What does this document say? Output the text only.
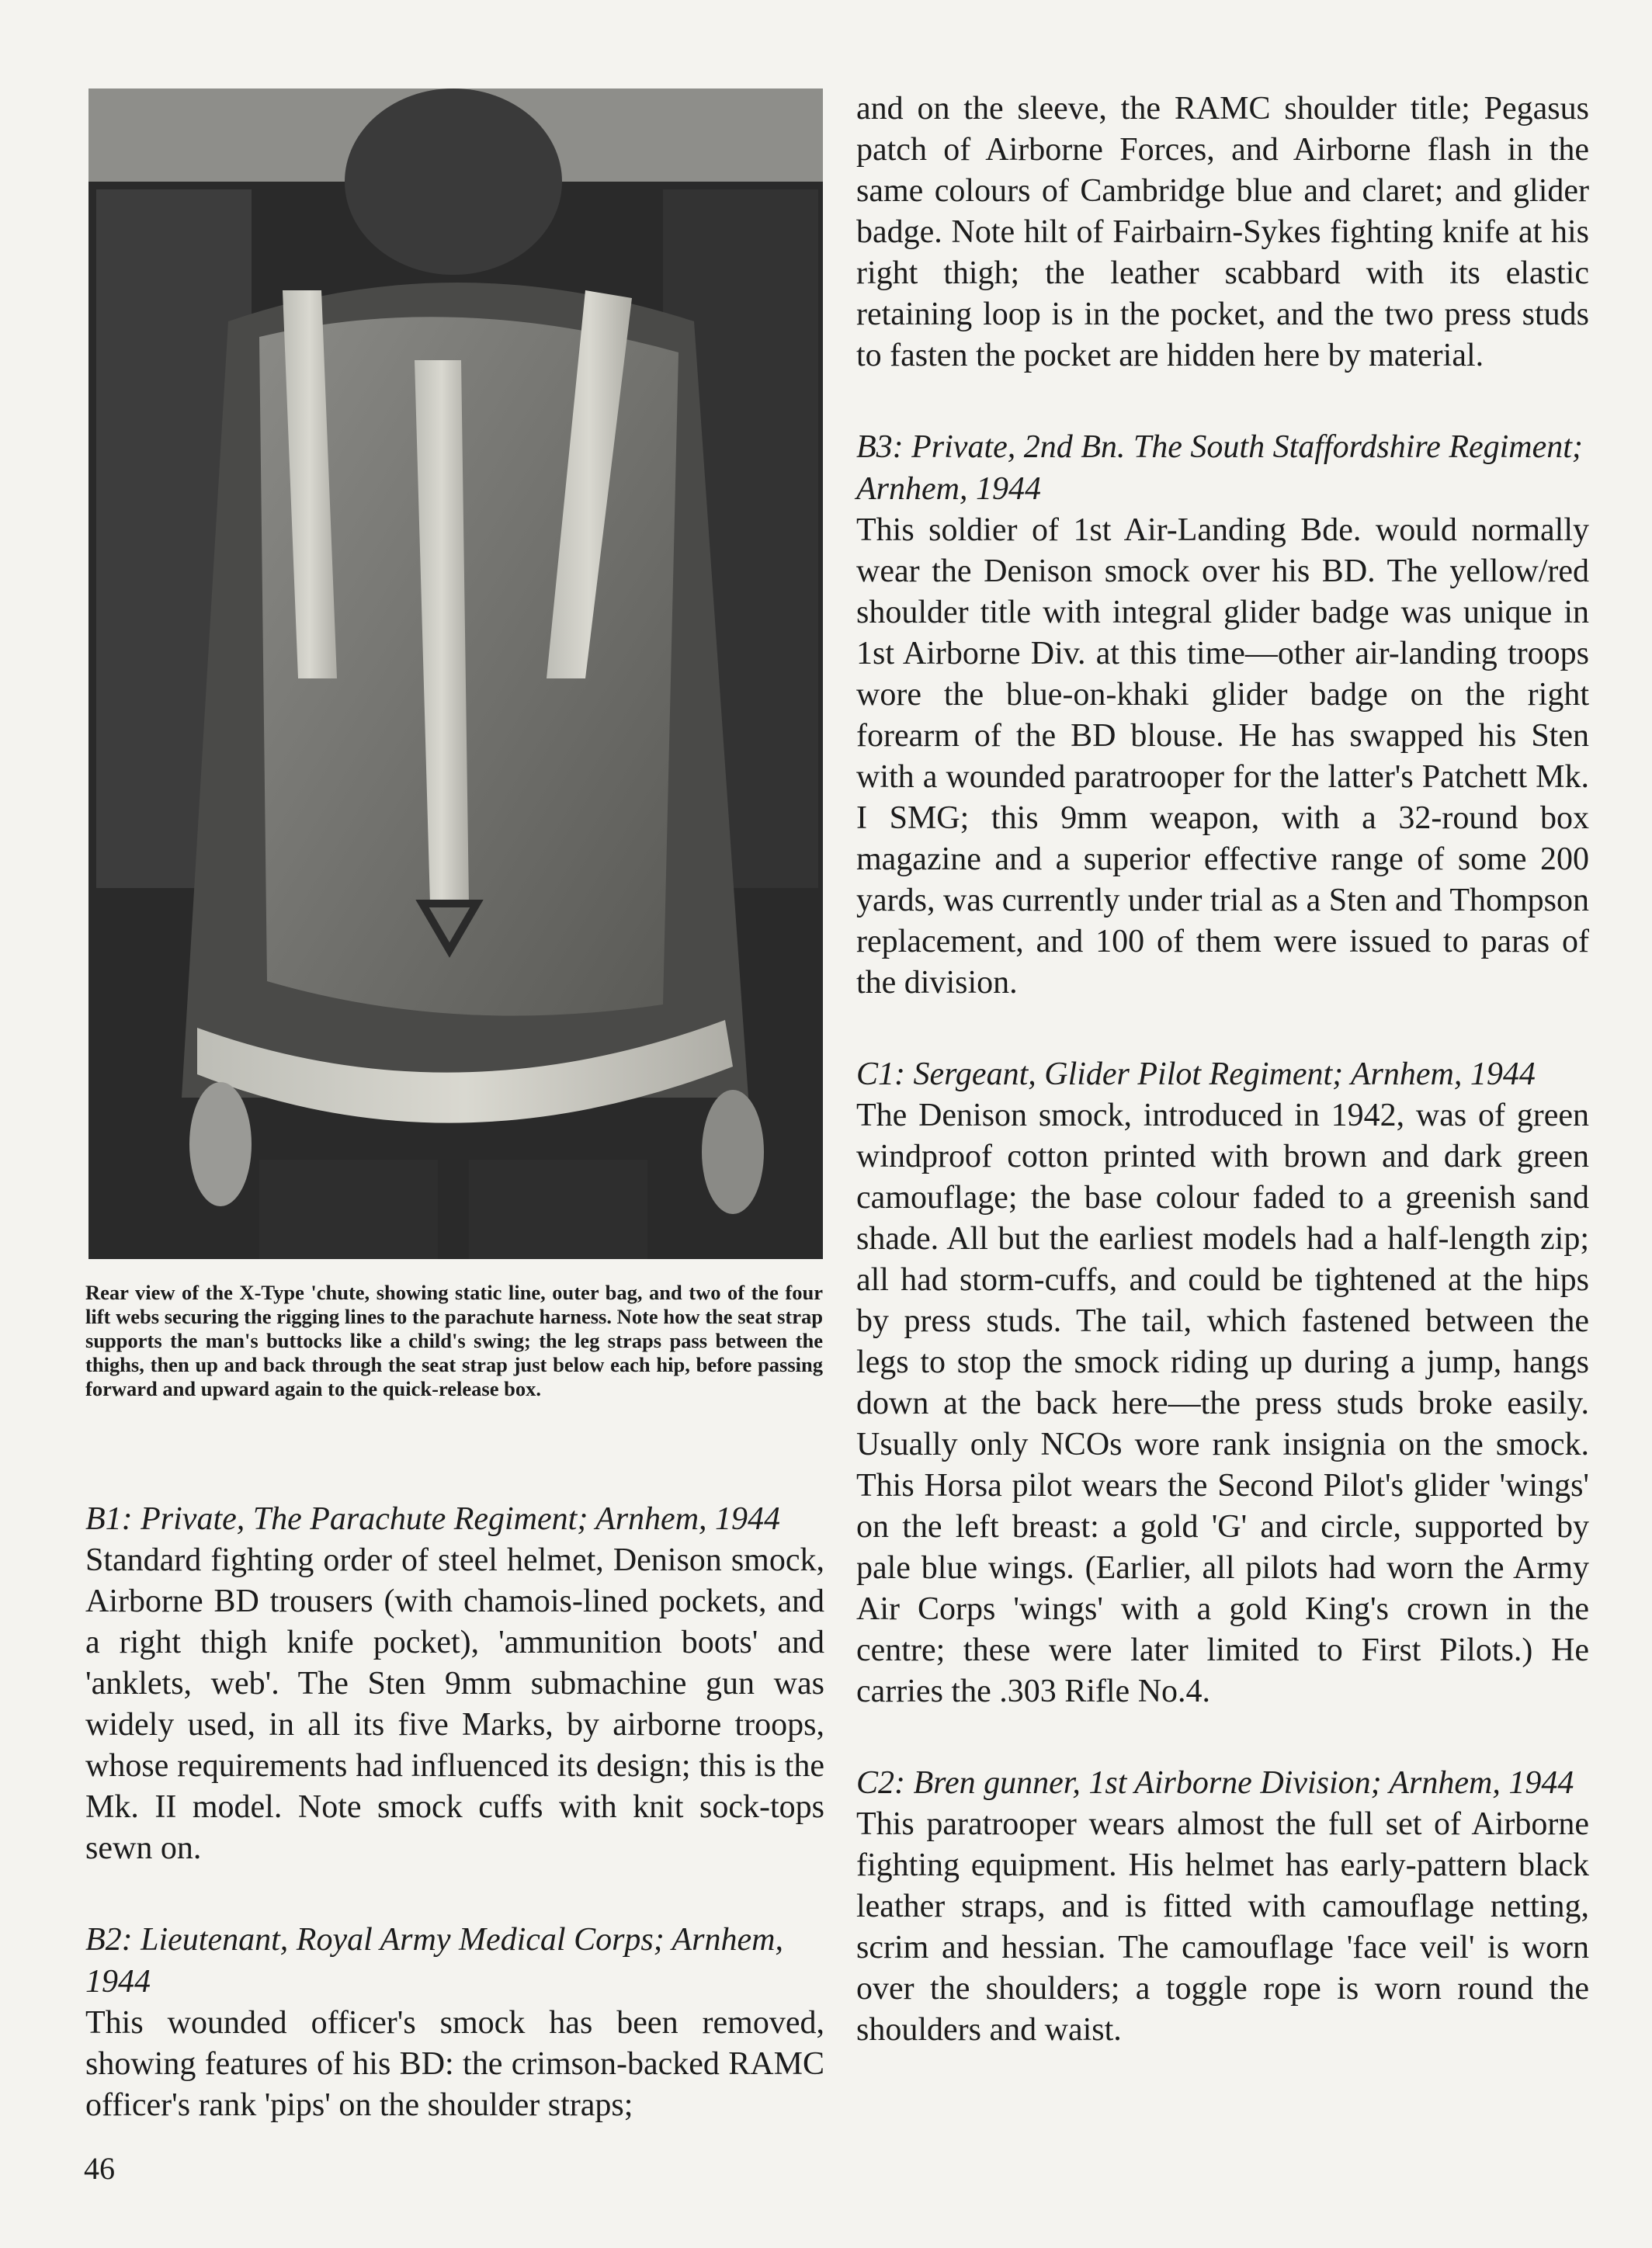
Rear view of the X-Type 'chute, showing static line, outer bag, and two of the four lift webs securing the rigging lines to the parachute harness. Note how the seat strap supports the man's buttocks like a child's swing; the leg straps pass between the thighs, then up and back through the seat strap just below each hip, before passing forward and upward again to the quick-release box.

B1: Private, The Parachute Regiment; Arnhem, 1944

Standard fighting order of steel helmet, Denison smock, Airborne BD trousers (with chamois-lined pockets, and a right thigh knife pocket), 'ammunition boots' and 'anklets, web'. The Sten 9mm submachine gun was widely used, in all its five Marks, by airborne troops, whose requirements had influenced its design; this is the Mk. II model. Note smock cuffs with knit sock-tops sewn on.

B2: Lieutenant, Royal Army Medical Corps; Arnhem, 1944

This wounded officer's smock has been removed, showing features of his BD: the crimson-backed RAMC officer's rank 'pips' on the shoulder straps;

and on the sleeve, the RAMC shoulder title; Pegasus patch of Airborne Forces, and Airborne flash in the same colours of Cambridge blue and claret; and glider badge. Note hilt of Fairbairn-Sykes fighting knife at his right thigh; the leather scabbard with its elastic retaining loop is in the pocket, and the two press studs to fasten the pocket are hidden here by material.

B3: Private, 2nd Bn. The South Staffordshire Regiment; Arnhem, 1944

This soldier of 1st Air-Landing Bde. would normally wear the Denison smock over his BD. The yellow/red shoulder title with integral glider badge was unique in 1st Airborne Div. at this time—other air-landing troops wore the blue-on-khaki glider badge on the right forearm of the BD blouse. He has swapped his Sten with a wounded paratrooper for the latter's Patchett Mk. I SMG; this 9mm weapon, with a 32-round box magazine and a superior effective range of some 200 yards, was currently under trial as a Sten and Thompson replacement, and 100 of them were issued to paras of the division.

C1: Sergeant, Glider Pilot Regiment; Arnhem, 1944

The Denison smock, introduced in 1942, was of green windproof cotton printed with brown and dark green camouflage; the base colour faded to a greenish sand shade. All but the earliest models had a half-length zip; all had storm-cuffs, and could be tightened at the hips by press studs. The tail, which fastened between the legs to stop the smock riding up during a jump, hangs down at the back here—the press studs broke easily. Usually only NCOs wore rank insignia on the smock. This Horsa pilot wears the Second Pilot's glider 'wings' on the left breast: a gold 'G' and circle, supported by pale blue wings. (Earlier, all pilots had worn the Army Air Corps 'wings' with a gold King's crown in the centre; these were later limited to First Pilots.) He carries the .303 Rifle No.4.

C2: Bren gunner, 1st Airborne Division; Arnhem, 1944

This paratrooper wears almost the full set of Airborne fighting equipment. His helmet has early-pattern black leather straps, and is fitted with camouflage netting, scrim and hessian. The camouflage 'face veil' is worn over the shoulders; a toggle rope is worn round the shoulders and waist.

46
